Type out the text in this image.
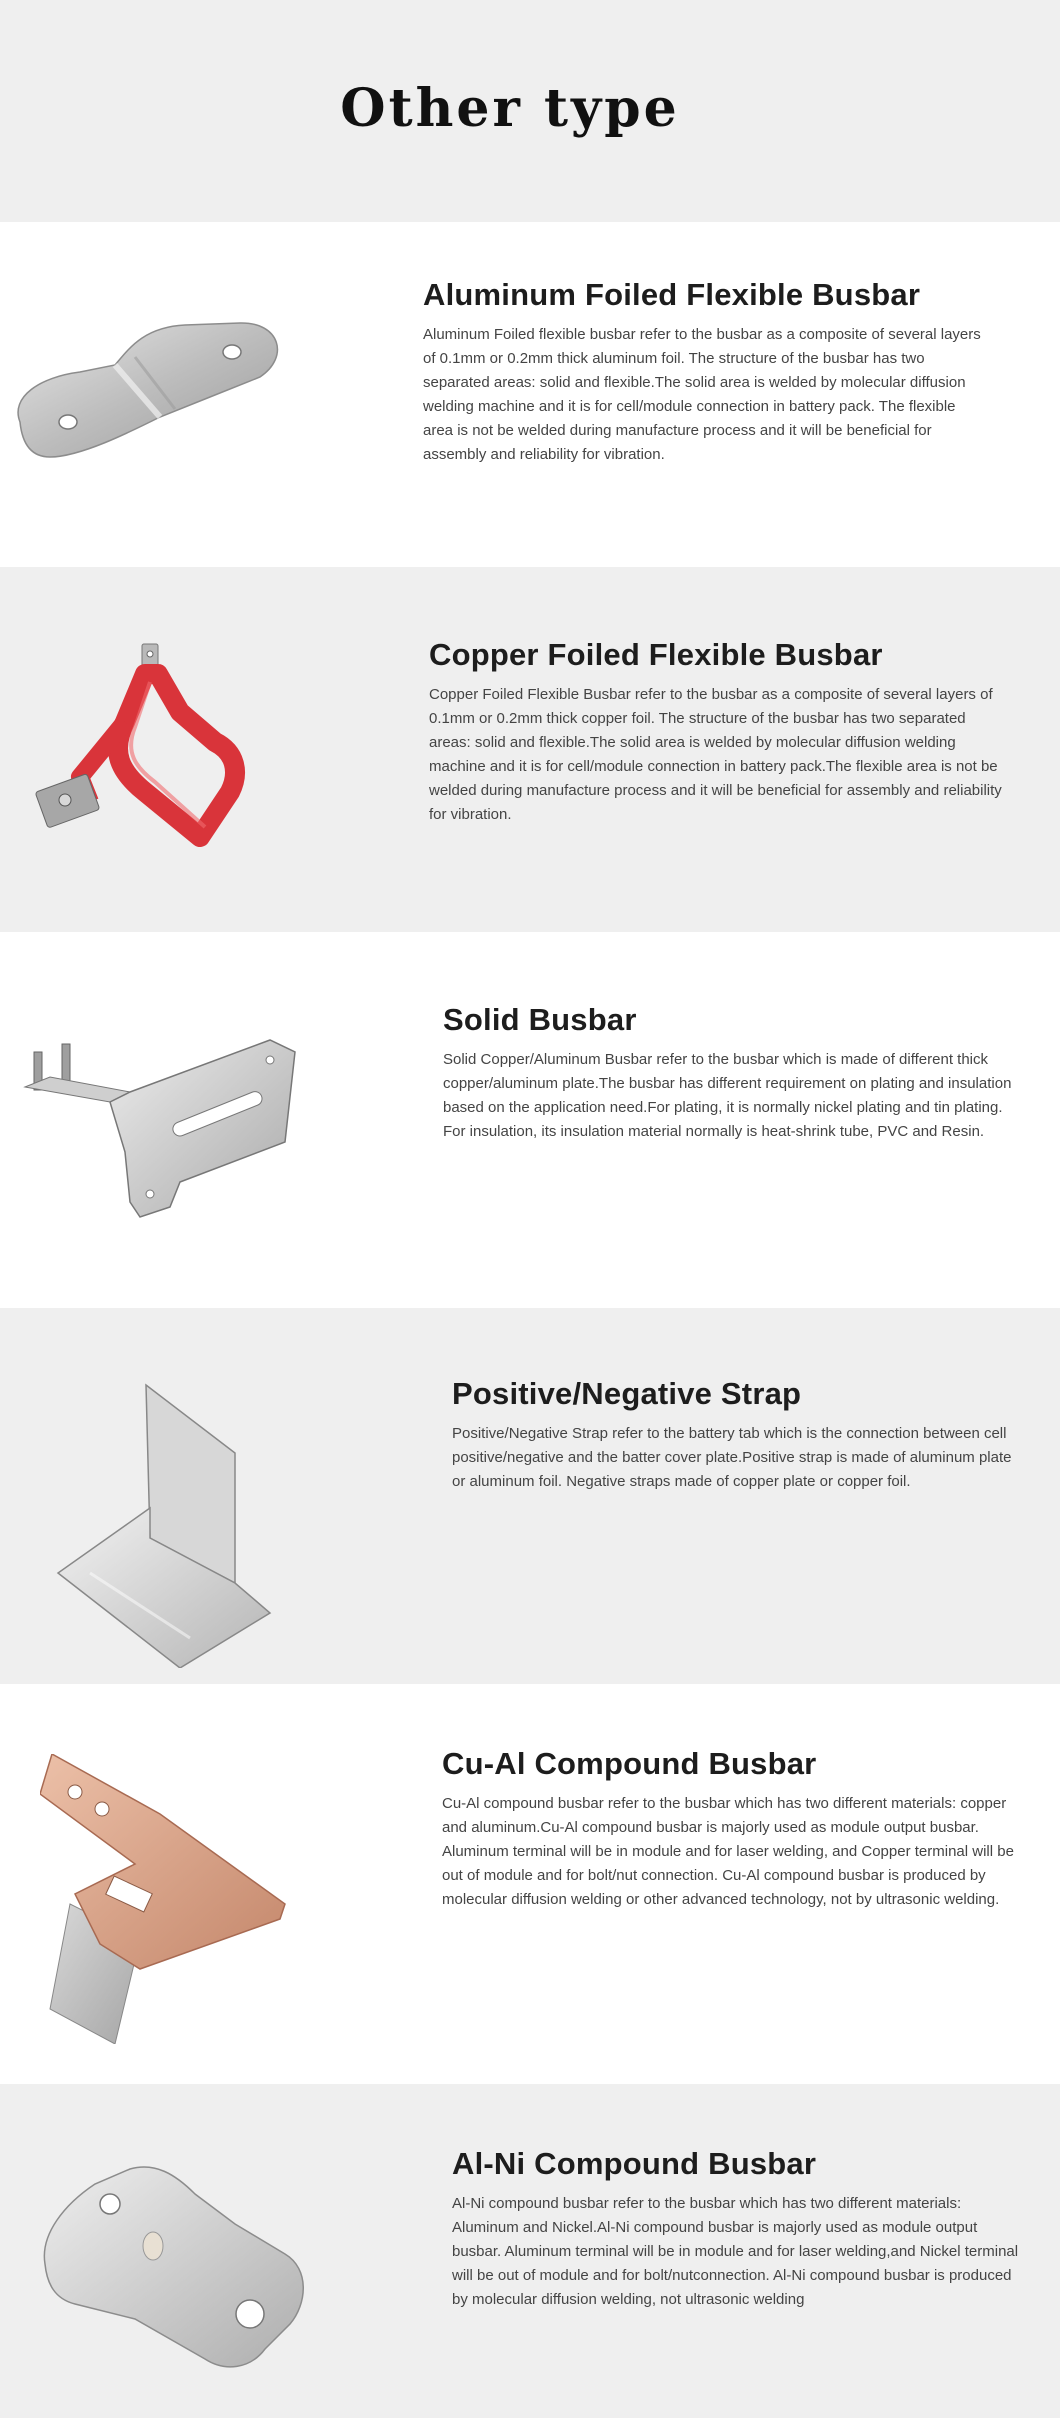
Other type
Aluminum Foiled Flexible Busbar

Aluminum Foiled flexible busbar refer to the busbar as a composite of several layers of 0.1mm or 0.2mm thick aluminum foil. The structure of the busbar has two separated areas: solid and flexible.The solid area is welded by molecular diffusion welding machine and it is for cell/module connection in battery pack. The flexible area is not be welded during manufacture process and it will be beneficial for assembly and reliability for vibration.

Copper Foiled Flexible Busbar

Copper Foiled Flexible Busbar refer to the busbar as a composite of several layers of 0.1mm or 0.2mm thick copper foil. The structure of the busbar has two separated areas: solid and flexible.The solid area is welded by molecular diffusion welding machine and it is for cell/module connection in battery pack.The flexible area is not be welded during manufacture process and it will be beneficial for assembly and reliability for vibration.

Solid Busbar

Solid Copper/Aluminum Busbar refer to the busbar which is made of different thick copper/aluminum plate.The busbar has different requirement on plating and insulation based on the application need.For plating, it is normally nickel plating and tin plating. For insulation, its insulation material normally is heat-shrink tube, PVC and Resin.

Positive/Negative Strap

Positive/Negative Strap refer to the battery tab which is the connection between cell positive/negative and the batter cover plate.Positive strap is made of aluminum plate or aluminum foil. Negative straps made of copper plate or copper foil.

Cu-Al Compound Busbar

Cu-Al compound busbar refer to the busbar which has two different materials: copper and aluminum.Cu-Al compound busbar is majorly used as module output busbar. Aluminum terminal will be in module and for laser welding, and Copper terminal will be out of module and for bolt/nut connection. Cu-Al compound busbar is produced by molecular diffusion welding or other advanced technology, not by ultrasonic welding.

Al-Ni Compound Busbar

Al-Ni compound busbar refer to the busbar which has two different materials: Aluminum and Nickel.Al-Ni compound busbar is majorly used as module output busbar. Aluminum terminal will be in module and for laser welding,and Nickel terminal will be out of module and for bolt/nutconnection. Al-Ni compound busbar is produced by molecular diffusion welding, not ultrasonic welding
